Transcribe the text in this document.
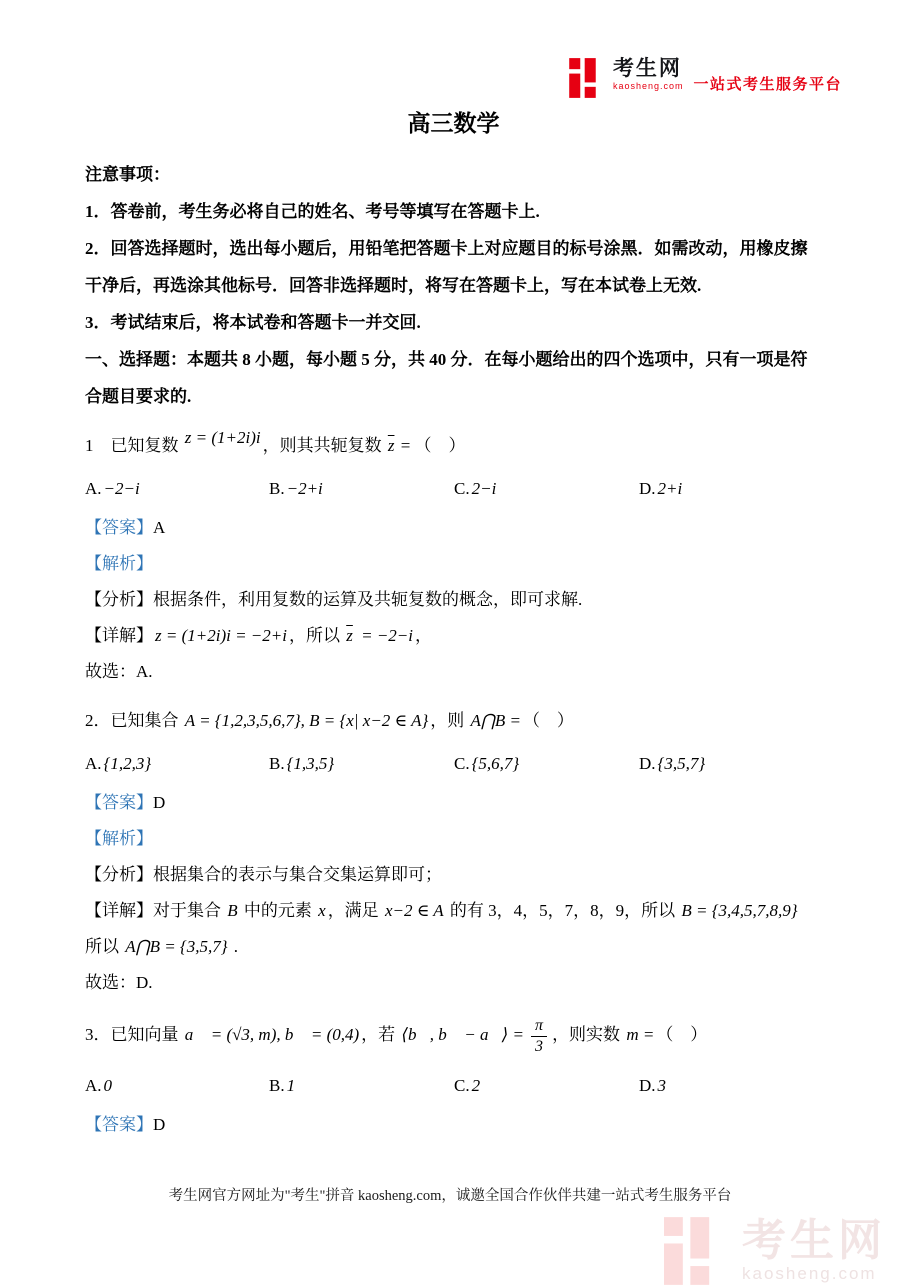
考生网
kaosheng.com 一站式考生服务平台
高三数学

注意事项：

1．答卷前，考生务必将自己的姓名、考号等填写在答题卡上.

2．回答选择题时，选出每小题后，用铅笔把答题卡上对应题目的标号涂黑．如需改动，用橡皮擦干净后，再选涂其他标号．回答非选择题时，将写在答题卡上，写在本试卷上无效.

3．考试结束后，将本试卷和答题卡一并交回.

一、选择题：本题共 8 小题，每小题 5 分，共 40 分．在每小题给出的四个选项中，只有一项是符合题目要求的.

1　已知复数 z = (1+2i)i ，则其共轭复数 $\overline{z}$ = （　）

A. −2−i	B. −2+i	C. 2−i	D. 2+i

【答案】A

【解析】

【分析】根据条件，利用复数的运算及共轭复数的概念，即可求解.

【详解】 z = (1+2i)i = −2+i ，所以 $\overline{z} = -2-i$ ，

故选：A.

2．已知集合 A = {1,2,3,5,6,7}, B = {x| x−2 ∈ A} ，则 A⋂B = （　）

A. {1,2,3}	B. {1,3,5}	C. {5,6,7}	D. {3,5,7}

【答案】D

【解析】

【分析】根据集合的表示与集合交集运算即可；

【详解】对于集合 B 中的元素 x ，满足 x−2 ∈ A 的有 3，4，5，7，8，9，所以 B = {3,4,5,7,8,9}

所以 A⋂B = {3,5,7} .

故选：D.

3．已知向量 a⃗ = (√3, m), b⃗ = (0,4) ，若 ⟨b⃗, b⃗ − a⃗⟩ = $\frac{\pi}{3}$ ，则实数 m = （　）

A. 0	B. 1	C. 2	D. 3

【答案】D

考生网官方网址为"考生"拼音 kaosheng.com，诚邀全国合作伙伴共建一站式考生服务平台

考生网
kaosheng.com
